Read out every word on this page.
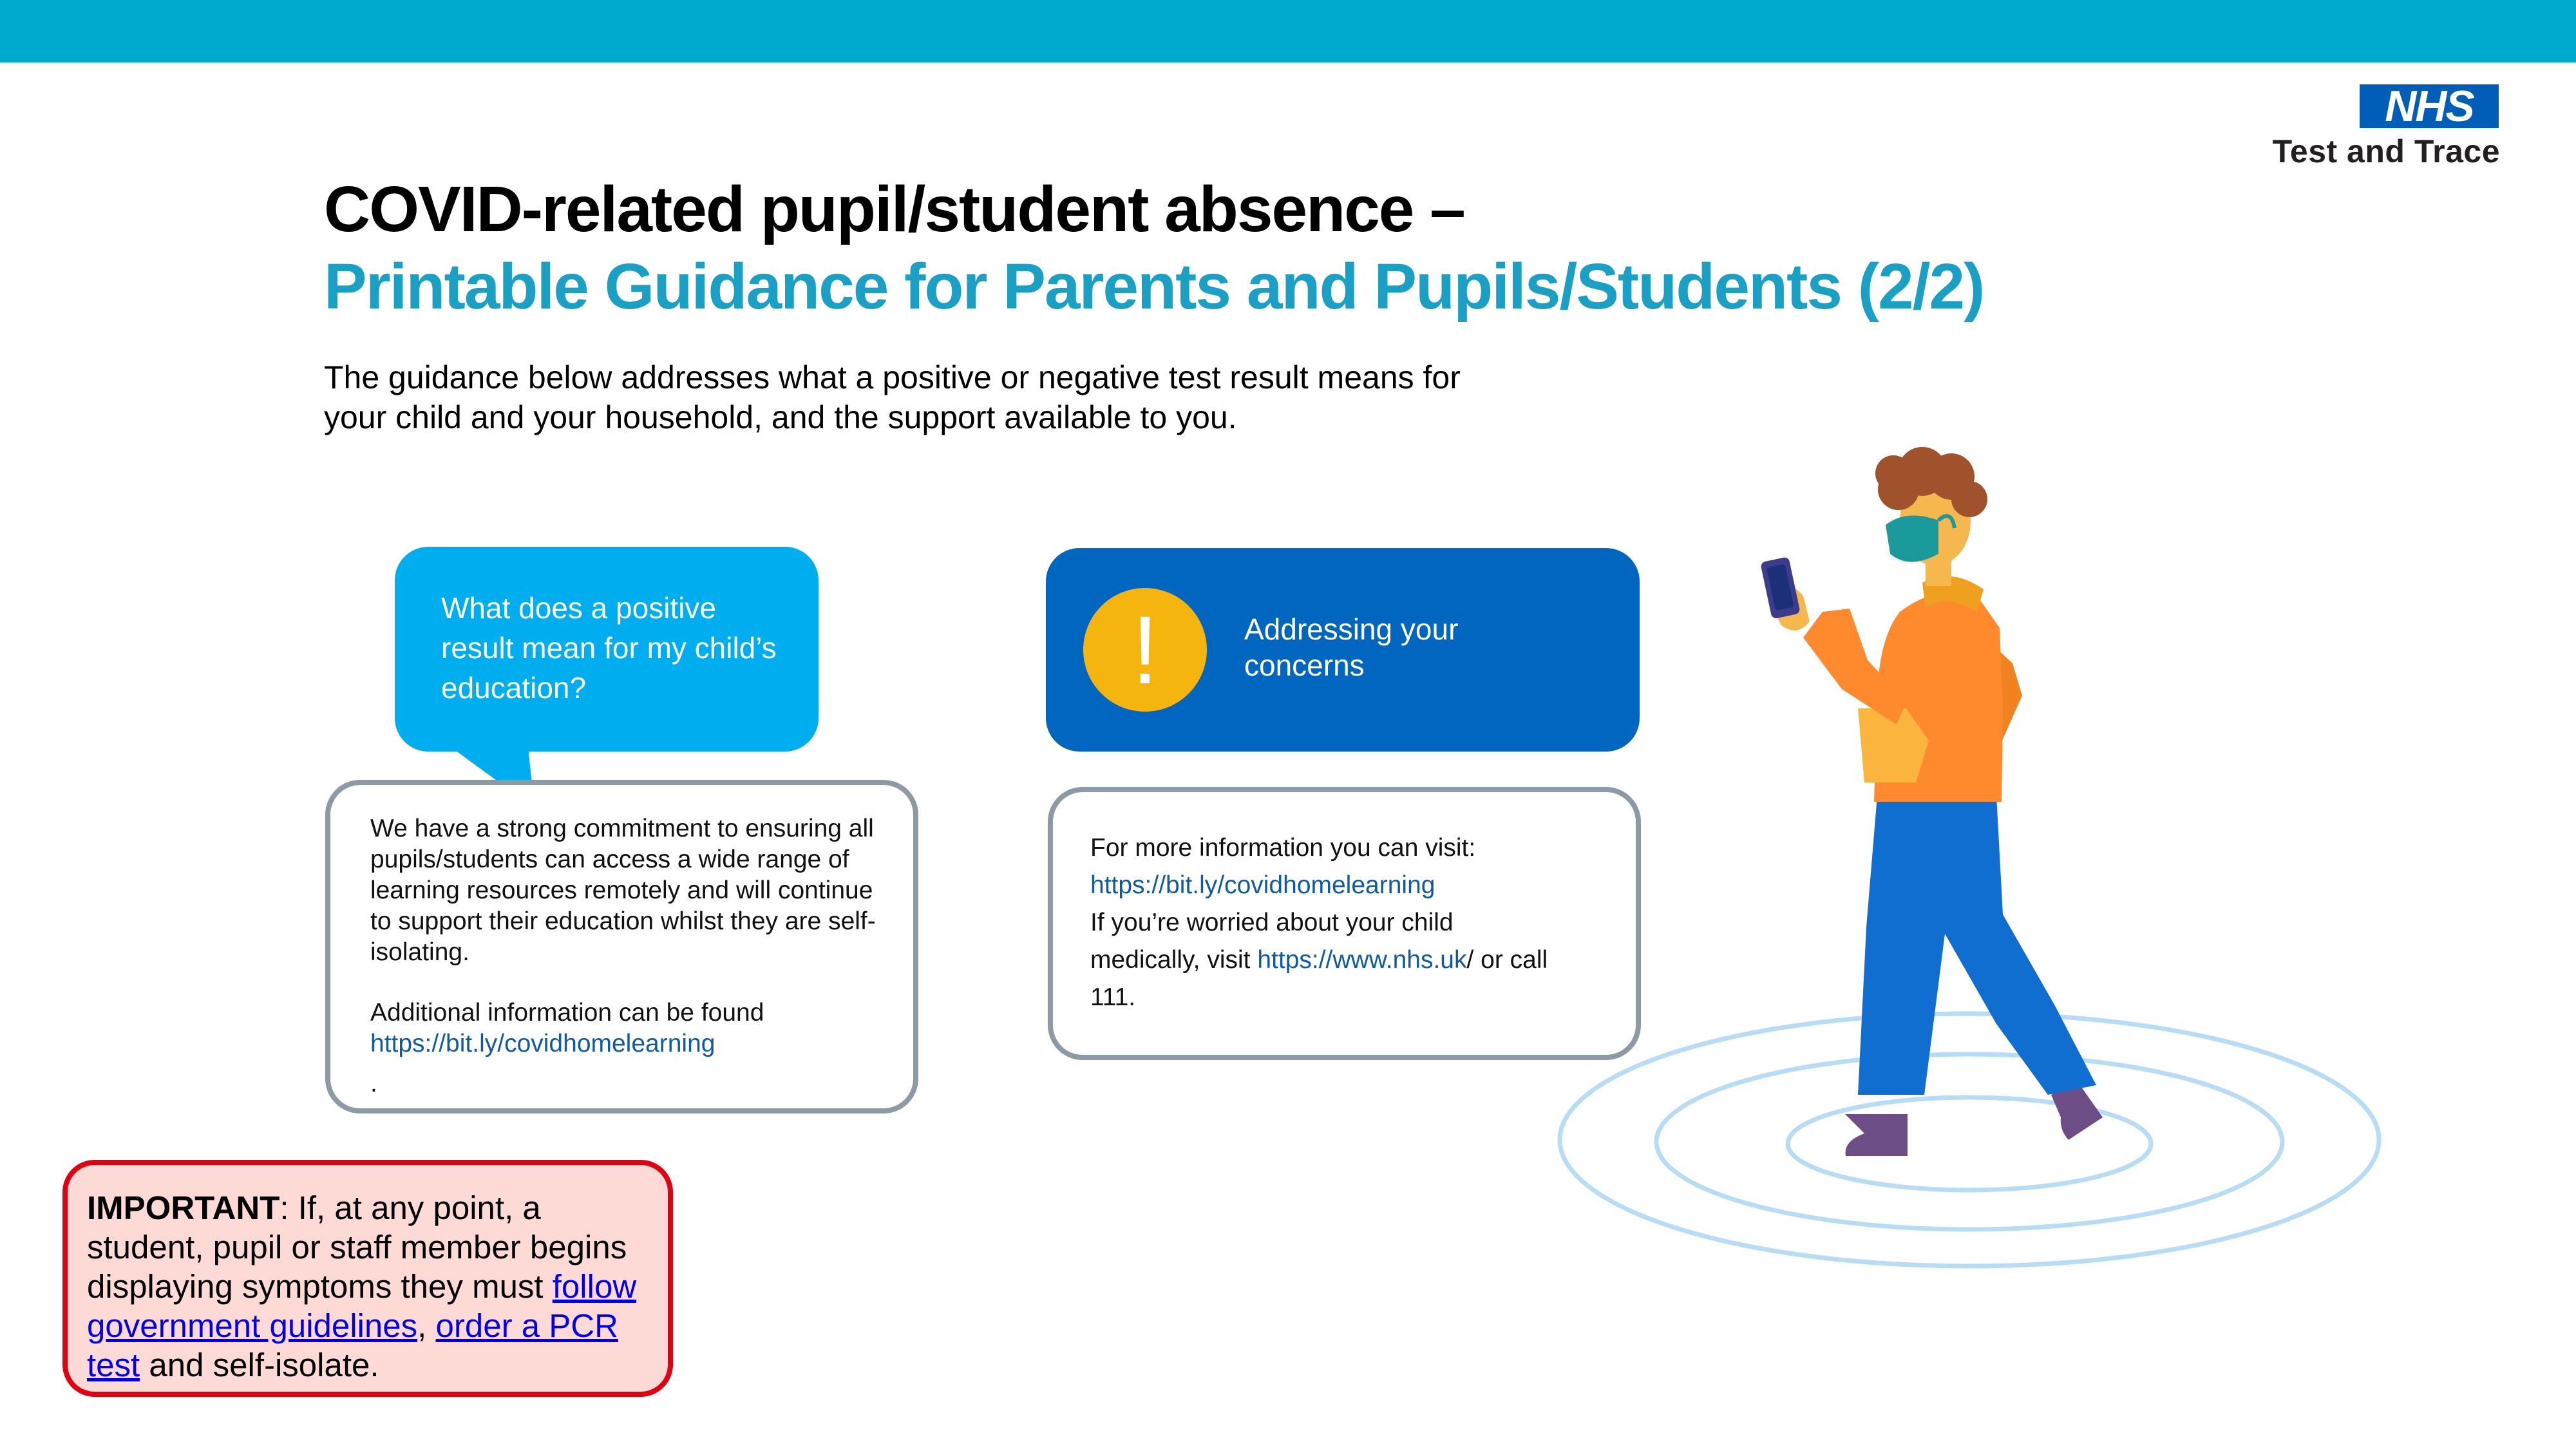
NHS
Test and Trace
COVID-related pupil/student absence –
Printable Guidance for Parents and Pupils/Students (2/2)
The guidance below addresses what a positive or negative test result means for
your child and your household, and the support available to you.
What does a positive result mean for my child’s education?
We have a strong commitment to ensuring all pupils/students can access a wide range of learning resources remotely and will continue to support their education whilst they are self-isolating.
Additional information can be found
https://bit.ly/covidhomelearning
.
!	Addressing your
concerns
For more information you can visit:
https://bit.ly/covidhomelearning
If you’re worried about your child
medically, visit https://www.nhs.uk/ or call
111.
IMPORTANT: If, at any point, a student, pupil or staff member begins displaying symptoms they must follow government guidelines, order a PCR test and self-isolate.
